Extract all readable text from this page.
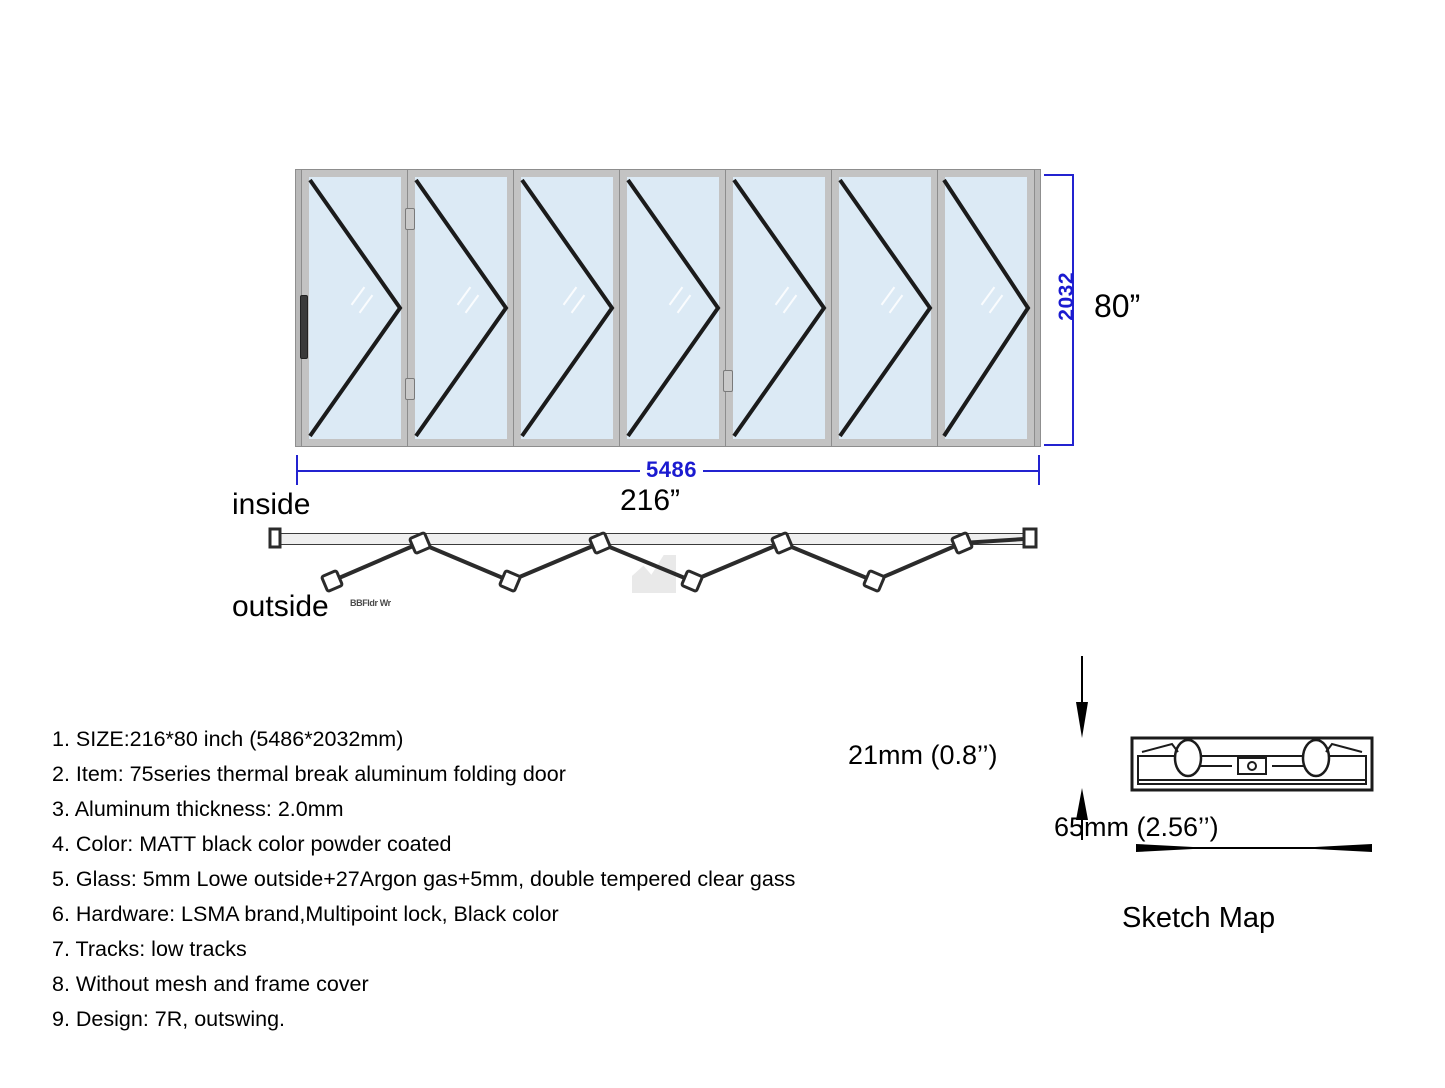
2032 80”
5486
216”
inside
outside BBFldr Wr
1. SIZE:216*80 inch (5486*2032mm)
2. Item: 75series thermal break aluminum folding door
3. Aluminum thickness: 2.0mm
4. Color: MATT black color powder coated
5. Glass: 5mm Lowe outside+27Argon gas+5mm, double tempered clear gass
6. Hardware: LSMA brand,Multipoint lock, Black color
7. Tracks: low tracks
8. Without mesh and frame cover
9. Design: 7R, outswing.
21mm (0.8’’)
65mm (2.56’’)
Sketch Map
